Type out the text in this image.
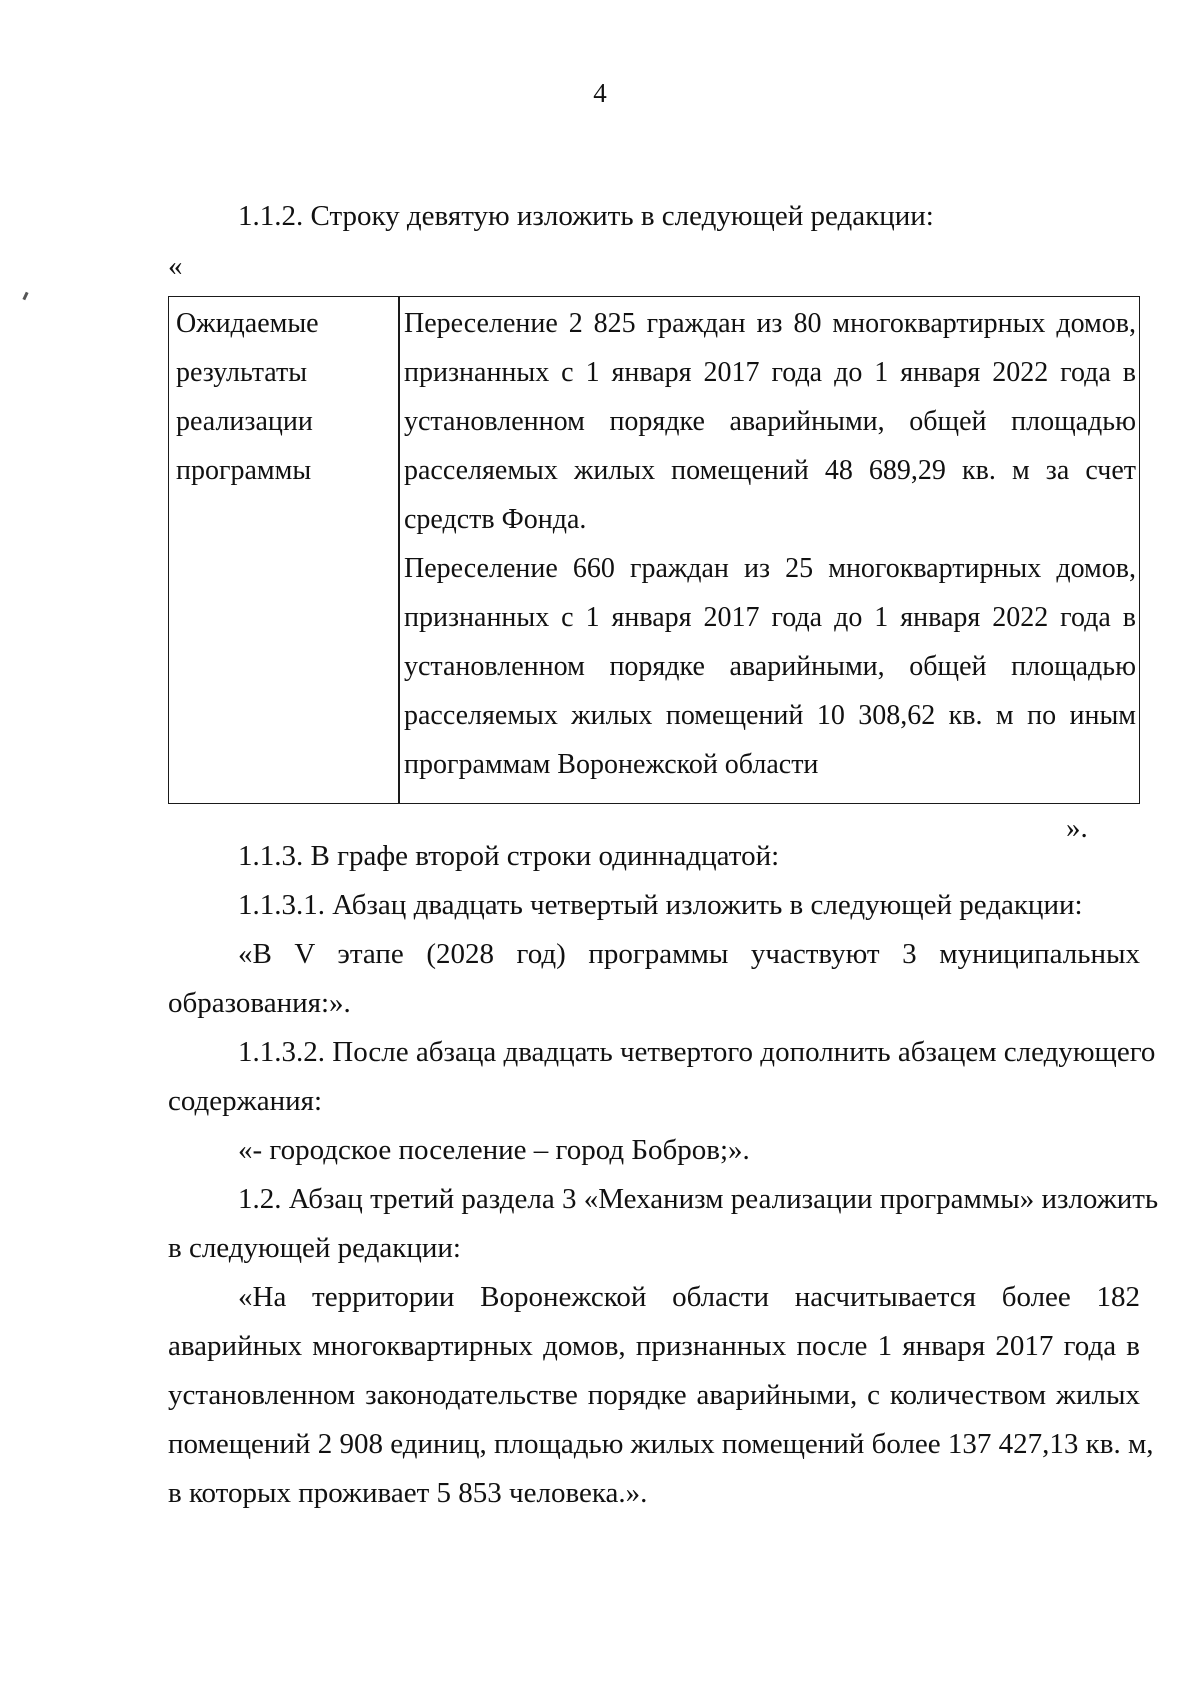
4
1.1.2. Строку девятую изложить в следующей редакции:
«
Ожидаемые
результаты
реализации
программы
Переселение 2 825 граждан из 80 многоквартирных домов,
признанных с 1 января 2017 года до 1 января 2022 года в
установленном порядке аварийными, общей площадью
расселяемых жилых помещений 48 689,29 кв. м за счет
средств Фонда.
Переселение 660 граждан из 25 многоквартирных домов,
признанных с 1 января 2017 года до 1 января 2022 года в
установленном порядке аварийными, общей площадью
расселяемых жилых помещений 10 308,62 кв. м по иным
программам Воронежской области
».
1.1.3. В графе второй строки одиннадцатой:
1.1.3.1. Абзац двадцать четвертый изложить в следующей редакции:
«В V этапе (2028 год) программы участвуют 3 муниципальных
образования:».
1.1.3.2. После абзаца двадцать четвертого дополнить абзацем следующего
содержания:
«- городское поселение – город Бобров;».
1.2. Абзац третий раздела 3 «Механизм реализации программы» изложить
в следующей редакции:
«На территории Воронежской области насчитывается более 182
аварийных многоквартирных домов, признанных после 1 января 2017 года в
установленном законодательстве порядке аварийными, с количеством жилых
помещений 2 908 единиц, площадью жилых помещений более 137 427,13 кв. м,
в которых проживает 5 853 человека.».
